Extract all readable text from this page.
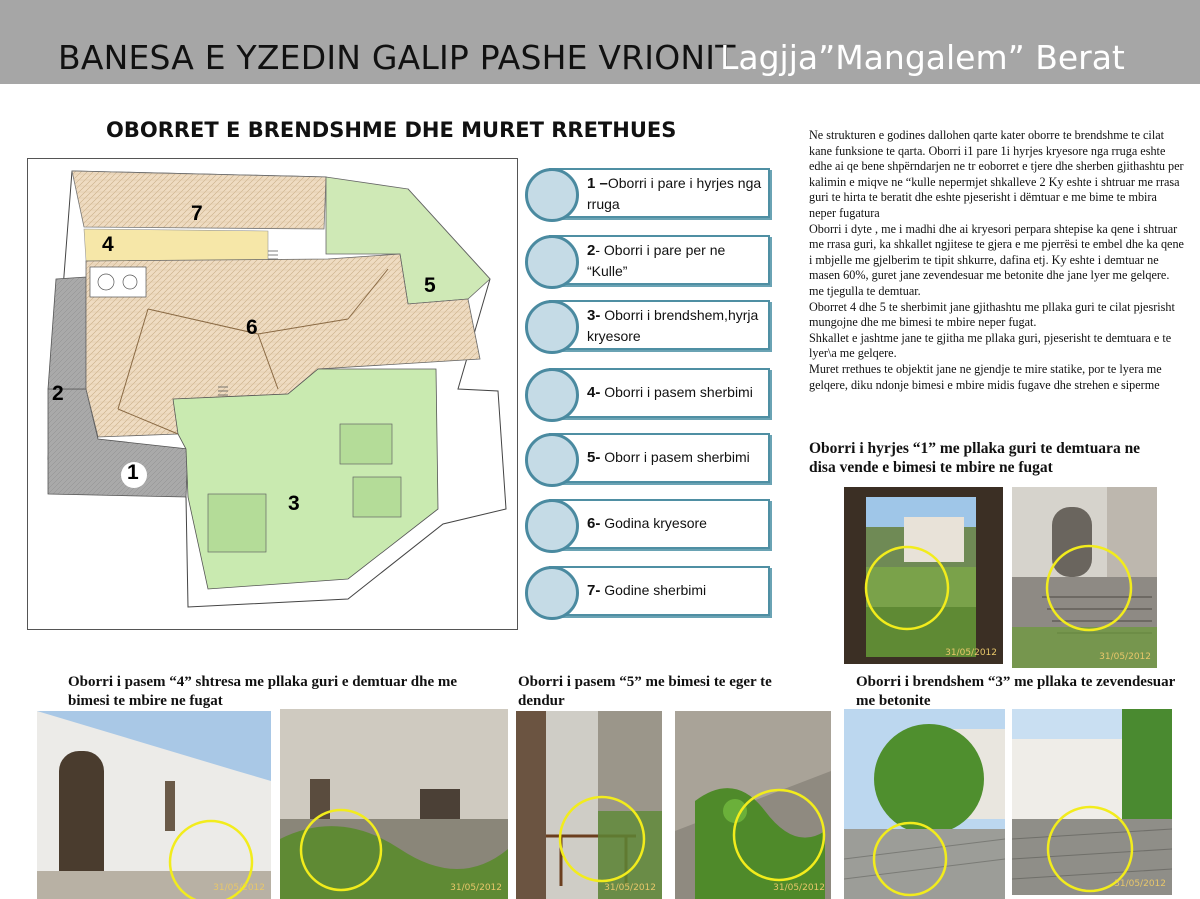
BANESA E YZEDIN GALIP PASHE VRIONIT
Lagjja”Mangalem” Berat
OBORRET E BRENDSHME DHE MURET RRETHUES
1
2
3
4
5
6
7
1 –Oborri i pare i hyrjes nga rruga
2- Oborri i pare per ne “Kulle”
3- Oborri i brendshem,hyrja kryesore
4- Oborri i pasem sherbimi
5- Oborr i pasem sherbimi
6- Godina kryesore
7- Godine sherbimi
Ne strukturen e godines dallohen qarte kater oborre te brendshme te cilat kane funksione te qarta. Oborri i1 pare 1i hyrjes kryesore nga rruga eshte edhe ai qe bene shpërndarjen ne tr eoborret e tjere dhe sherben gjithashtu per kalimin e miqve ne “kulle nepermjet shkalleve 2 Ky eshte i shtruar me rrasa guri te hirta te beratit dhe eshte pjeserisht i dëmtuar e me bime te mbira neper fugatura
Oborri i dyte , me i madhi dhe ai kryesori perpara shtepise ka qene i shtruar me rrasa guri, ka shkallet ngjitese te gjera e me pjerrësi te embel dhe ka qene i mbjelle me gjelberim te tipit shkurre, dafina etj. Ky eshte i demtuar ne masen 60%, guret jane zevendesuar me betonite dhe jane lyer me gelqere. me tjegulla te demtuar.
Oborret 4 dhe 5 te sherbimit jane gjithashtu me pllaka guri te cilat pjesrisht mungojne dhe me bimesi te mbire neper fugat.
Shkallet e jashtme jane te gjitha me pllaka guri, pjeserisht te demtuara e te lyer\a me gelqere.
Muret rrethues te objektit jane ne gjendje te mire statike, por te lyera me gelqere, diku ndonje bimesi e mbire midis fugave dhe strehen e siperme
Oborri i hyrjes “1” me pllaka guri te demtuara ne disa vende e bimesi te mbire ne fugat
Oborri i pasem “4” shtresa me pllaka guri e demtuar dhe me bimesi te mbire ne fugat
Oborri i pasem “5” me bimesi te eger te dendur
Oborri i brendshem “3” me pllaka te zevendesuar me betonite
31/05/2012	31/05/2012
31/05/2012	31/05/2012	31/05/2012	31/05/2012	31/05/2012
